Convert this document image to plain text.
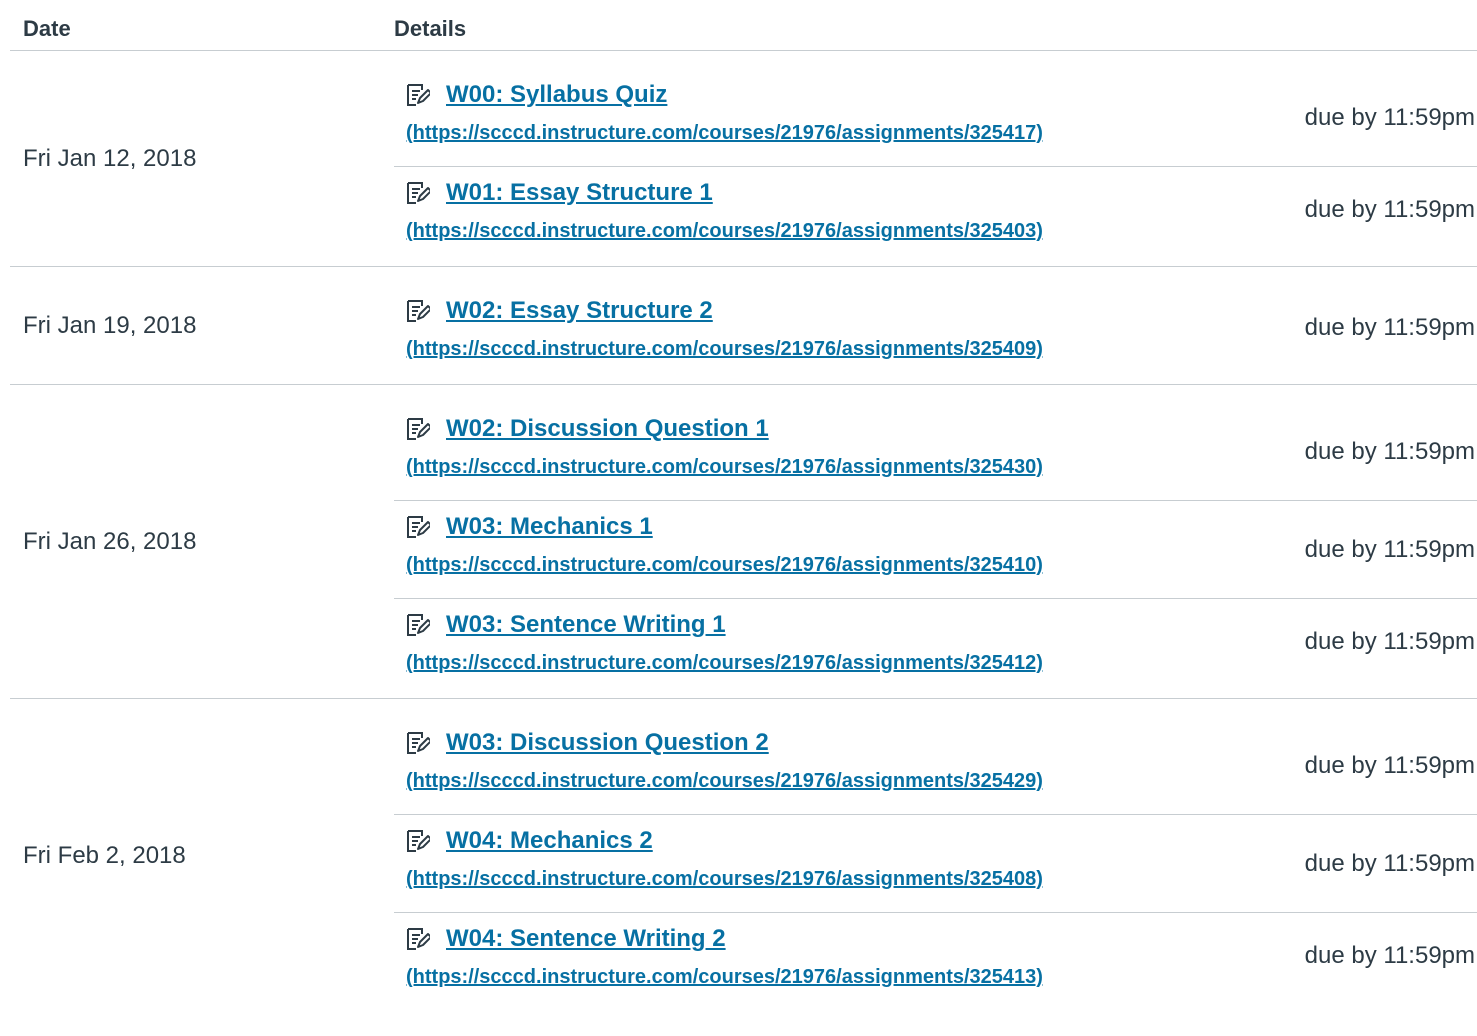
Date	Details
Fri Jan 12, 2018
W00: Syllabus Quiz
(https://scccd.instructure.com/courses/21976/assignments/325417)
due by 11:59pm
W01: Essay Structure 1
(https://scccd.instructure.com/courses/21976/assignments/325403)
due by 11:59pm
Fri Jan 19, 2018
W02: Essay Structure 2
(https://scccd.instructure.com/courses/21976/assignments/325409)
due by 11:59pm
Fri Jan 26, 2018
W02: Discussion Question 1
(https://scccd.instructure.com/courses/21976/assignments/325430)
due by 11:59pm
W03: Mechanics 1
(https://scccd.instructure.com/courses/21976/assignments/325410)
due by 11:59pm
W03: Sentence Writing 1
(https://scccd.instructure.com/courses/21976/assignments/325412)
due by 11:59pm
Fri Feb 2, 2018
W03: Discussion Question 2
(https://scccd.instructure.com/courses/21976/assignments/325429)
due by 11:59pm
W04: Mechanics 2
(https://scccd.instructure.com/courses/21976/assignments/325408)
due by 11:59pm
W04: Sentence Writing 2
(https://scccd.instructure.com/courses/21976/assignments/325413)
due by 11:59pm
